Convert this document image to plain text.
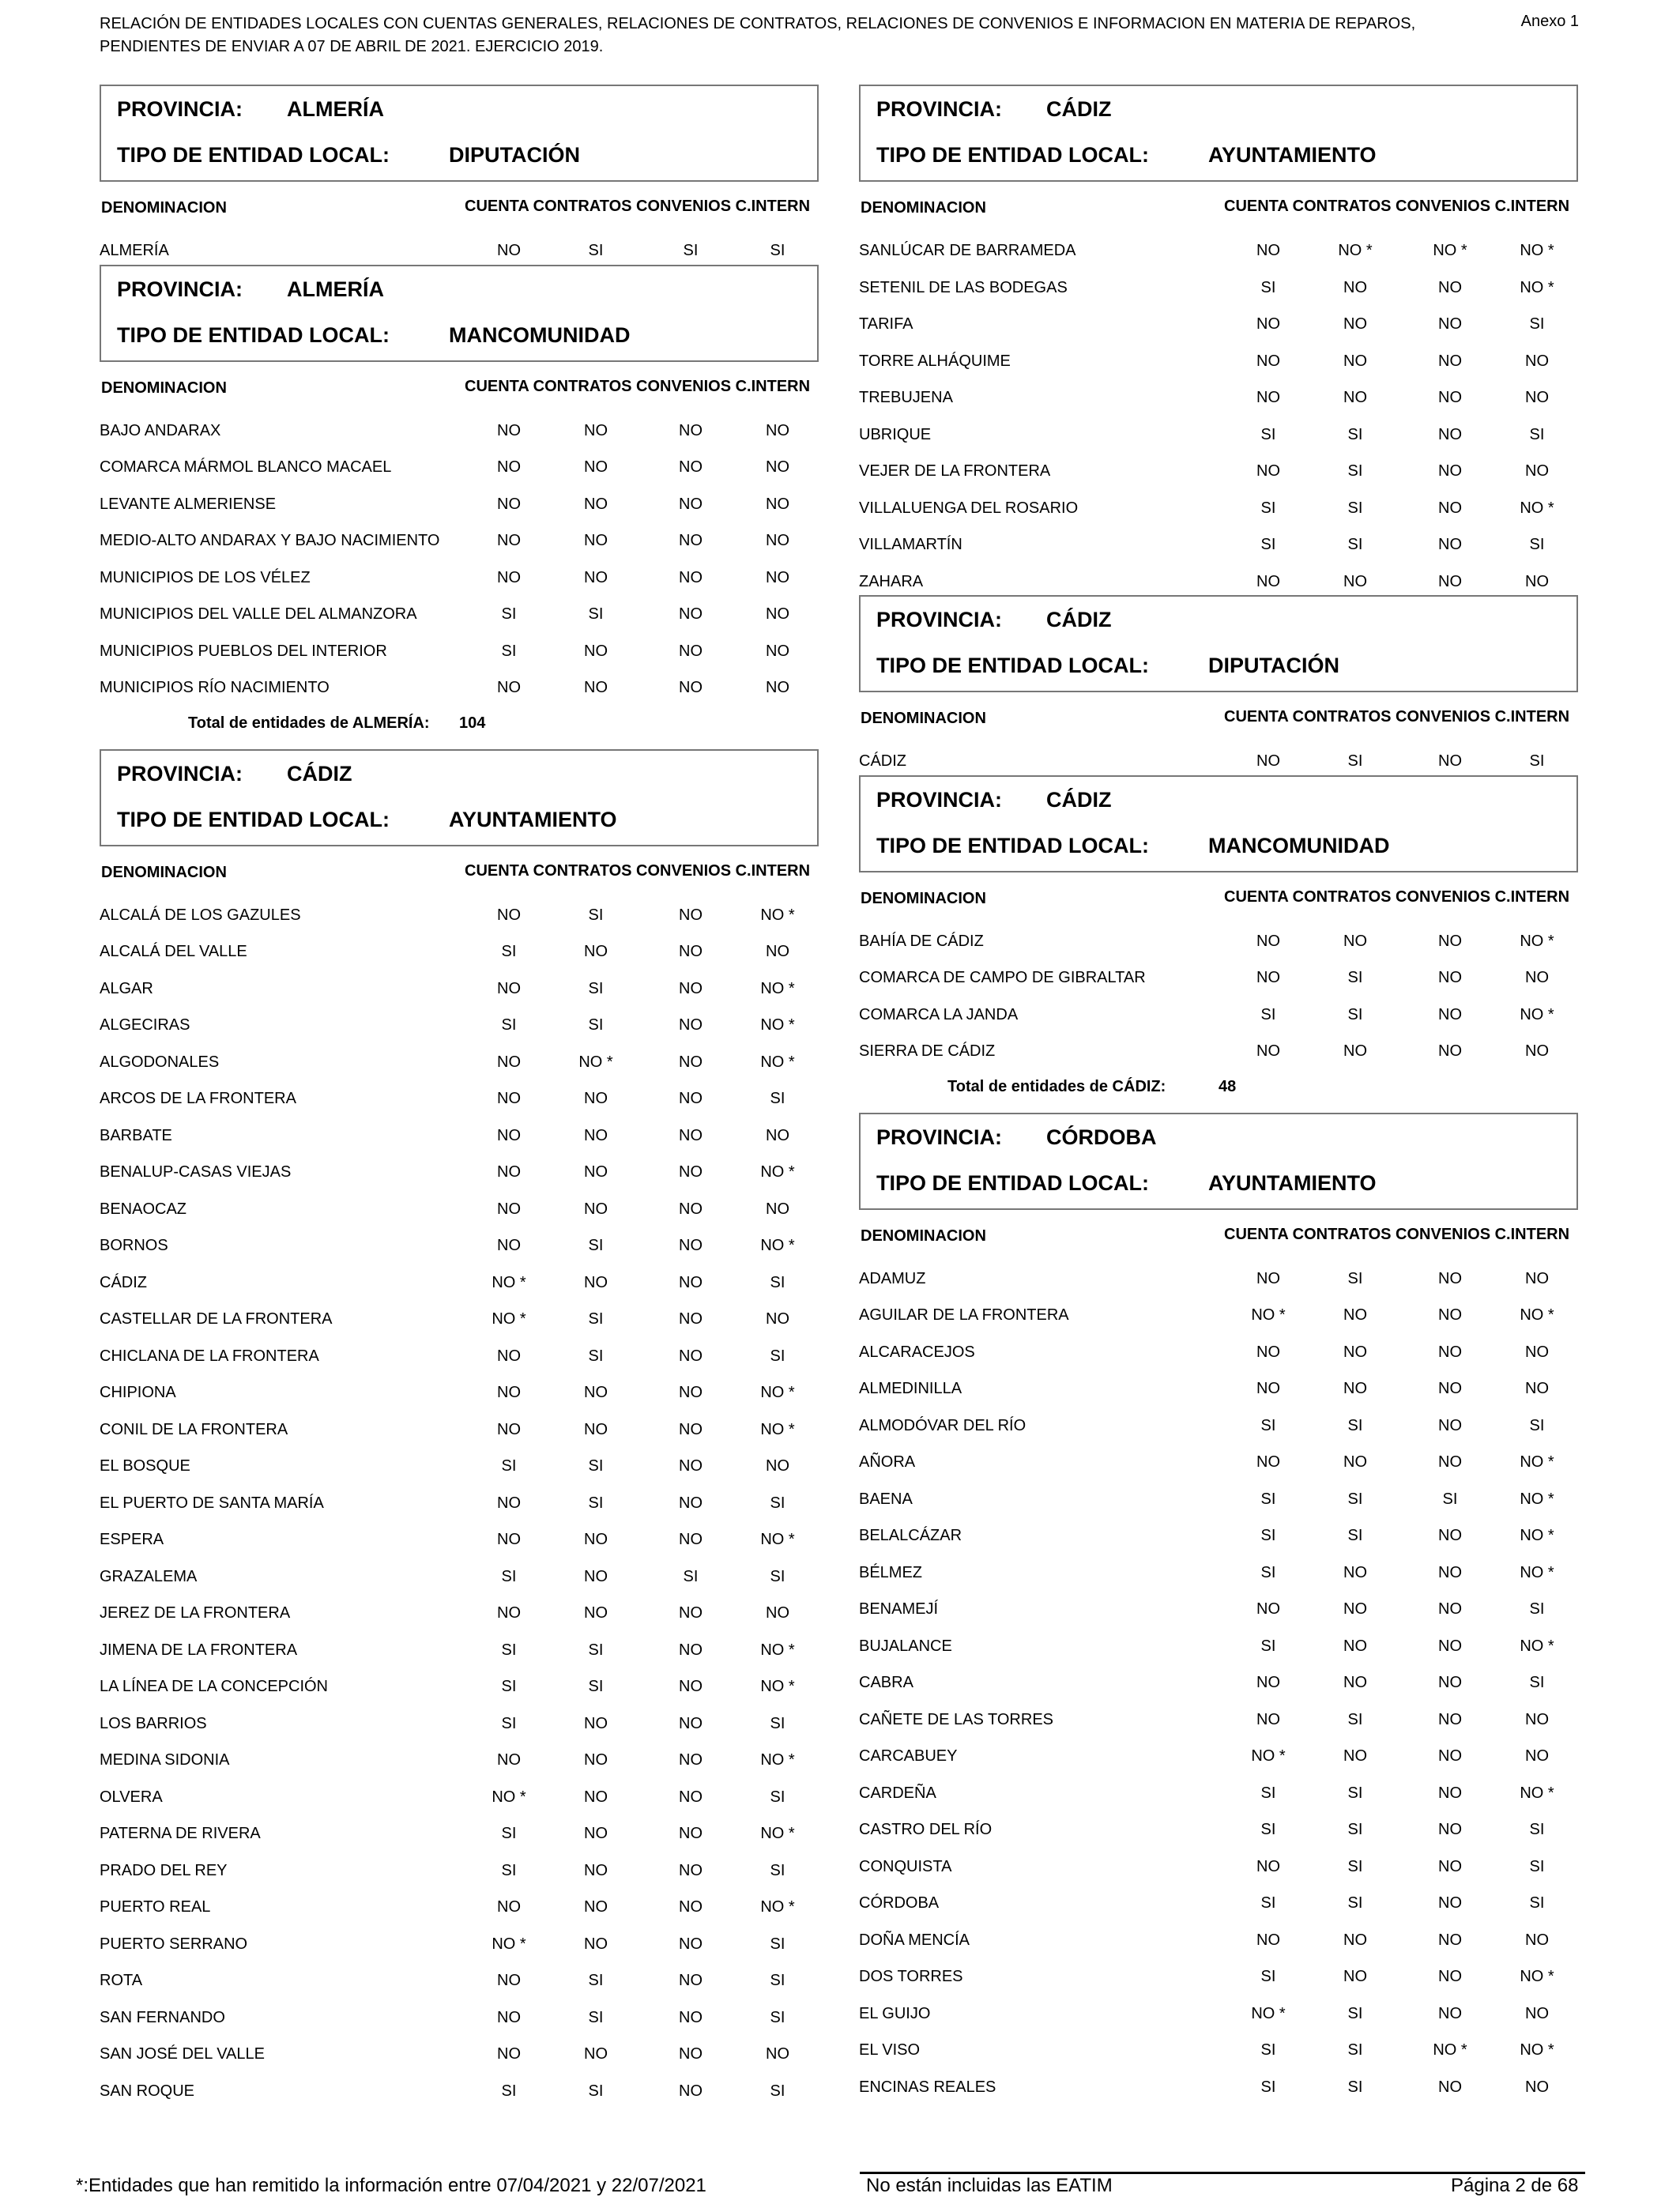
RELACIÓN DE ENTIDADES LOCALES CON CUENTAS GENERALES, RELACIONES DE CONTRATOS, RELACIONES DE CONVENIOS E INFORMACION EN MATERIA DE REPAROS,
PENDIENTES DE ENVIAR A 07 DE ABRIL DE 2021. EJERCICIO 2019.
Anexo 1
PROVINCIA: ALMERÍA
TIPO DE ENTIDAD LOCAL:	DIPUTACIÓN
DENOMINACION	CUENTA CONTRATOS CONVENIOS C.INTERN
ALMERÍA	NO	SI	SI	SI
PROVINCIA: ALMERÍA
TIPO DE ENTIDAD LOCAL:	MANCOMUNIDAD
DENOMINACION	CUENTA CONTRATOS CONVENIOS C.INTERN
BAJO ANDARAX	NO	NO	NO	NO
COMARCA MÁRMOL BLANCO MACAEL	NO	NO	NO	NO
LEVANTE ALMERIENSE	NO	NO	NO	NO
MEDIO-ALTO ANDARAX Y BAJO NACIMIENTO	NO	NO	NO	NO
MUNICIPIOS DE LOS VÉLEZ	NO	NO	NO	NO
MUNICIPIOS DEL VALLE DEL ALMANZORA	SI	SI	NO	NO
MUNICIPIOS PUEBLOS DEL INTERIOR	SI	NO	NO	NO
MUNICIPIOS RÍO NACIMIENTO	NO	NO	NO	NO
Total de entidades de ALMERÍA: 104
PROVINCIA: CÁDIZ
TIPO DE ENTIDAD LOCAL:	AYUNTAMIENTO
DENOMINACION	CUENTA CONTRATOS CONVENIOS C.INTERN
ALCALÁ DE LOS GAZULES	NO	SI	NO	NO *
ALCALÁ DEL VALLE	SI	NO	NO	NO
ALGAR	NO	SI	NO	NO *
ALGECIRAS	SI	SI	NO	NO *
ALGODONALES	NO	NO *	NO	NO *
ARCOS DE LA FRONTERA	NO	NO	NO	SI
BARBATE	NO	NO	NO	NO
BENALUP-CASAS VIEJAS	NO	NO	NO	NO *
BENAOCAZ	NO	NO	NO	NO
BORNOS	NO	SI	NO	NO *
CÁDIZ	NO *	NO	NO	SI
CASTELLAR DE LA FRONTERA	NO *	SI	NO	NO
CHICLANA DE LA FRONTERA	NO	SI	NO	SI
CHIPIONA	NO	NO	NO	NO *
CONIL DE LA FRONTERA	NO	NO	NO	NO *
EL BOSQUE	SI	SI	NO	NO
EL PUERTO DE SANTA MARÍA	NO	SI	NO	SI
ESPERA	NO	NO	NO	NO *
GRAZALEMA	SI	NO	SI	SI
JEREZ DE LA FRONTERA	NO	NO	NO	NO
JIMENA DE LA FRONTERA	SI	SI	NO	NO *
LA LÍNEA DE LA CONCEPCIÓN	SI	SI	NO	NO *
LOS BARRIOS	SI	NO	NO	SI
MEDINA SIDONIA	NO	NO	NO	NO *
OLVERA	NO *	NO	NO	SI
PATERNA DE RIVERA	SI	NO	NO	NO *
PRADO DEL REY	SI	NO	NO	SI
PUERTO REAL	NO	NO	NO	NO *
PUERTO SERRANO	NO *	NO	NO	SI
ROTA	NO	SI	NO	SI
SAN FERNANDO	NO	SI	NO	SI
SAN JOSÉ DEL VALLE	NO	NO	NO	NO
SAN ROQUE	SI	SI	NO	SI
PROVINCIA: CÁDIZ
TIPO DE ENTIDAD LOCAL:	AYUNTAMIENTO
DENOMINACION	CUENTA CONTRATOS CONVENIOS C.INTERN
SANLÚCAR DE BARRAMEDA	NO	NO *	NO *	NO *
SETENIL DE LAS BODEGAS	SI	NO	NO	NO *
TARIFA	NO	NO	NO	SI
TORRE ALHÁQUIME	NO	NO	NO	NO
TREBUJENA	NO	NO	NO	NO
UBRIQUE	SI	SI	NO	SI
VEJER DE LA FRONTERA	NO	SI	NO	NO
VILLALUENGA DEL ROSARIO	SI	SI	NO	NO *
VILLAMARTÍN	SI	SI	NO	SI
ZAHARA	NO	NO	NO	NO
PROVINCIA: CÁDIZ
TIPO DE ENTIDAD LOCAL:	DIPUTACIÓN
DENOMINACION	CUENTA CONTRATOS CONVENIOS C.INTERN
CÁDIZ	NO	SI	NO	SI
PROVINCIA: CÁDIZ
TIPO DE ENTIDAD LOCAL:	MANCOMUNIDAD
DENOMINACION	CUENTA CONTRATOS CONVENIOS C.INTERN
BAHÍA DE CÁDIZ	NO	NO	NO	NO *
COMARCA DE CAMPO DE GIBRALTAR	NO	SI	NO	NO
COMARCA LA JANDA	SI	SI	NO	NO *
SIERRA DE CÁDIZ	NO	NO	NO	NO
Total de entidades de CÁDIZ:	48
PROVINCIA: CÓRDOBA
TIPO DE ENTIDAD LOCAL:	AYUNTAMIENTO
DENOMINACION	CUENTA CONTRATOS CONVENIOS C.INTERN
ADAMUZ	NO	SI	NO	NO
AGUILAR DE LA FRONTERA	NO *	NO	NO	NO *
ALCARACEJOS	NO	NO	NO	NO
ALMEDINILLA	NO	NO	NO	NO
ALMODÓVAR DEL RÍO	SI	SI	NO	SI
AÑORA	NO	NO	NO	NO *
BAENA	SI	SI	SI	NO *
BELALCÁZAR	SI	SI	NO	NO *
BÉLMEZ	SI	NO	NO	NO *
BENAMEJÍ	NO	NO	NO	SI
BUJALANCE	SI	NO	NO	NO *
CABRA	NO	NO	NO	SI
CAÑETE DE LAS TORRES	NO	SI	NO	NO
CARCABUEY	NO *	NO	NO	NO
CARDEÑA	SI	SI	NO	NO *
CASTRO DEL RÍO	SI	SI	NO	SI
CONQUISTA	NO	SI	NO	SI
CÓRDOBA	SI	SI	NO	SI
DOÑA MENCÍA	NO	NO	NO	NO
DOS TORRES	SI	NO	NO	NO *
EL GUIJO	NO *	SI	NO	NO
EL VISO	SI	SI	NO *	NO *
ENCINAS REALES	SI	SI	NO	NO
*:Entidades que han remitido la información entre 07/04/2021 y 22/07/2021	No están incluidas las EATIM	Página 2 de 68
